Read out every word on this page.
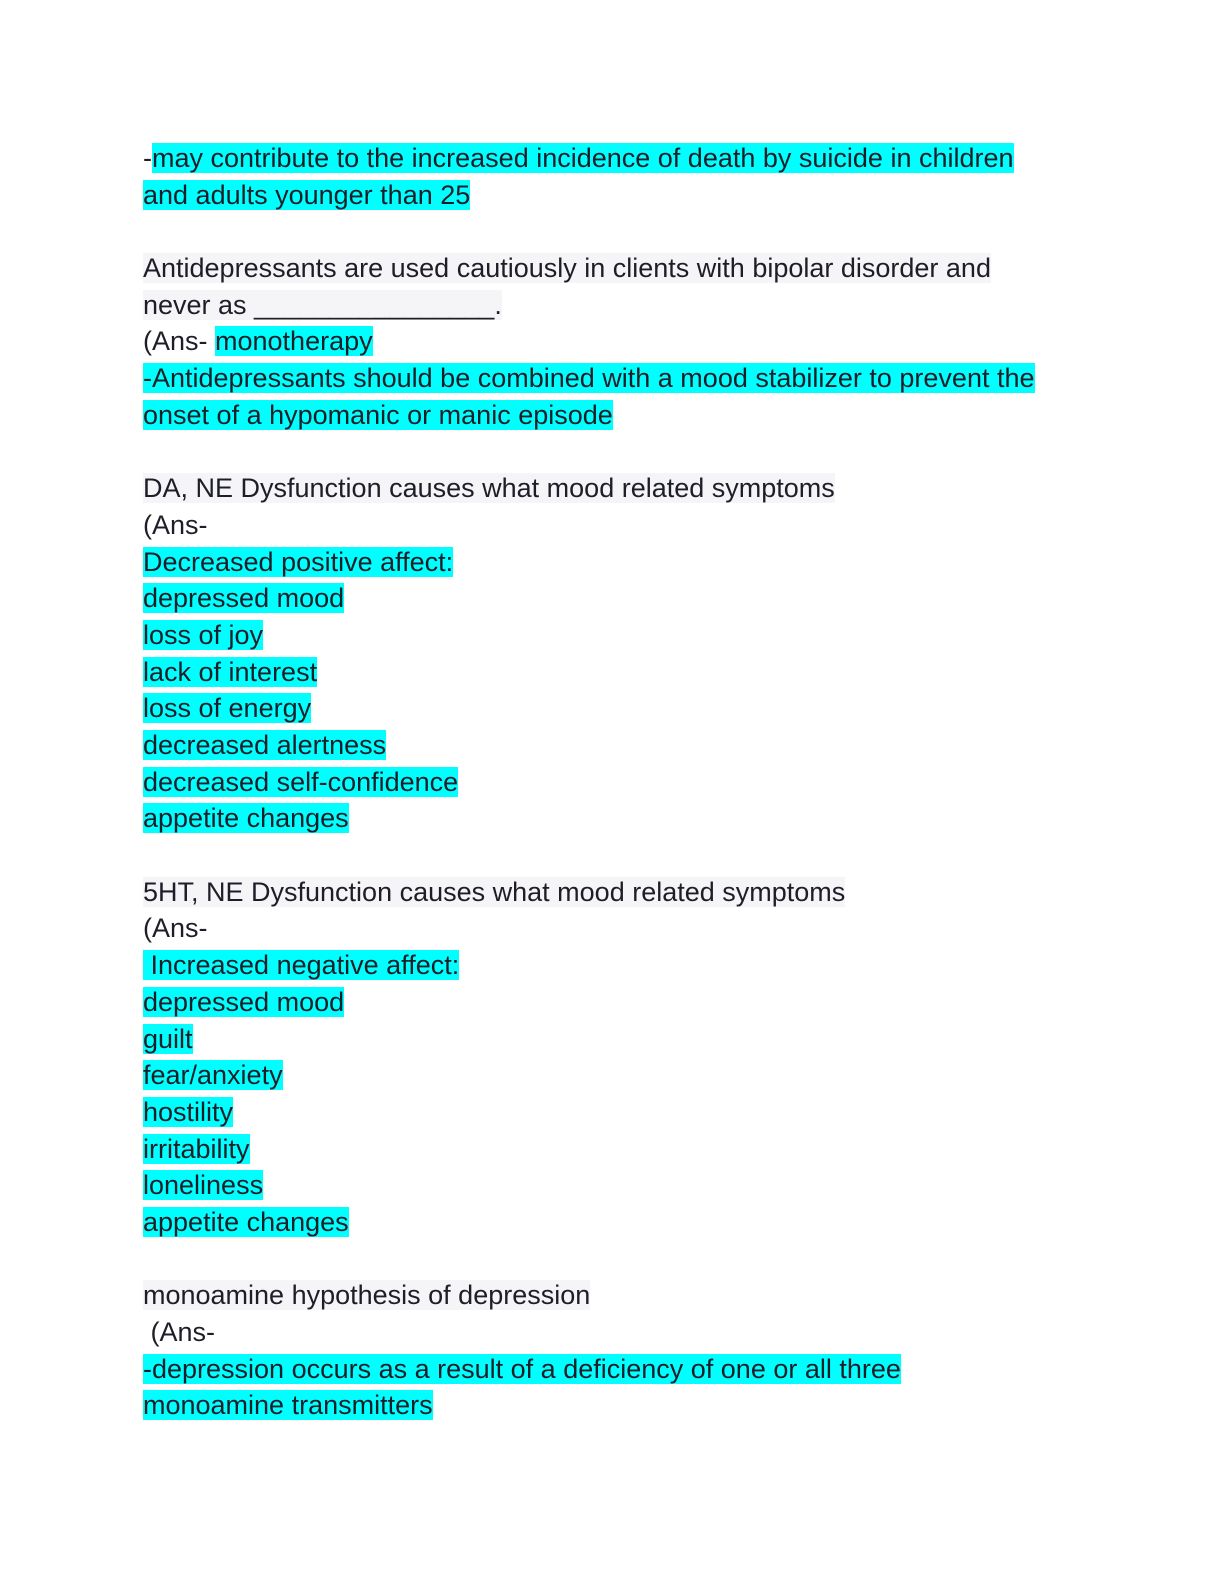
-may contribute to the increased incidence of death by suicide in children
and adults younger than 25
Antidepressants are used cautiously in clients with bipolar disorder and
never as ________________.
(Ans- monotherapy
-Antidepressants should be combined with a mood stabilizer to prevent the
onset of a hypomanic or manic episode
DA, NE Dysfunction causes what mood related symptoms
(Ans-
Decreased positive affect:
depressed mood
loss of joy
lack of interest
loss of energy
decreased alertness
decreased self-confidence
appetite changes
5HT, NE Dysfunction causes what mood related symptoms
(Ans-
Increased negative affect:
depressed mood
guilt
fear/anxiety
hostility
irritability
loneliness
appetite changes
monoamine hypothesis of depression
(Ans-
-depression occurs as a result of a deficiency of one or all three
monoamine transmitters
